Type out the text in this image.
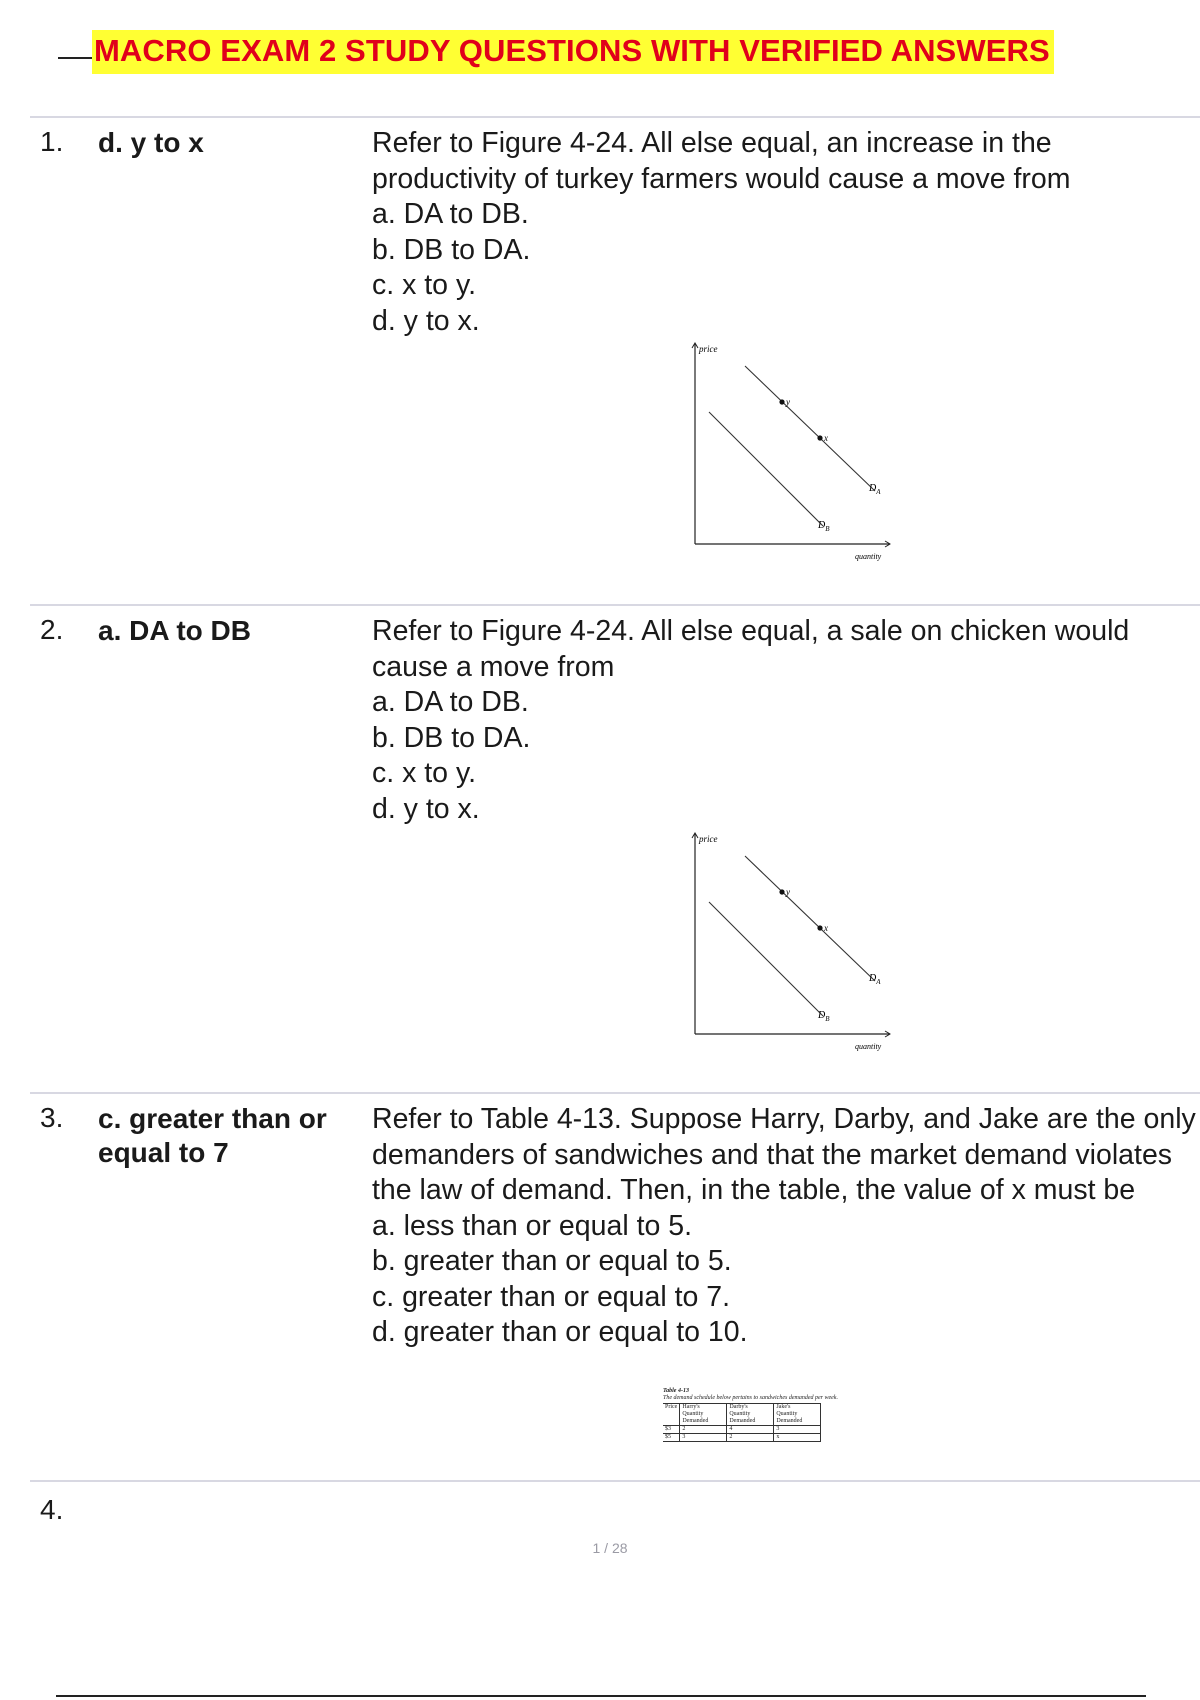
MACRO EXAM 2 STUDY QUESTIONS WITH VERIFIED ANSWERS
1. d. y to x	Refer to Figure 4-24. All else equal, an increase in the productivity of turkey farmers would cause a move from
a. DA to DB.
b. DB to DA.
c. x to y.
d. y to x.
price
quantity
y
x
$D_A$
$D_B$
2. a. DA to DB	Refer to Figure 4-24. All else equal, a sale on chicken would cause a move from
a. DA to DB.
b. DB to DA.
c. x to y.
d. y to x.
price
quantity
y
x
$D_A$
$D_B$
3. c. greater than or equal to 7
Refer to Table 4-13. Suppose Harry, Darby, and Jake are the only demanders of sandwiches and that the market demand violates the law of demand. Then, in the table, the value of x must be
a. less than or equal to 5.
b. greater than or equal to 5.
c. greater than or equal to 7.
d. greater than or equal to 10.
Table 4-13
The demand schedule below pertains to sandwiches demanded per week.
Price	Harry's
Quantity
Demanded	Darby's
Quantity
Demanded	Jake's
Quantity
Demanded
$3	2	4	3
$5	3	2	x
4.
1 / 28
